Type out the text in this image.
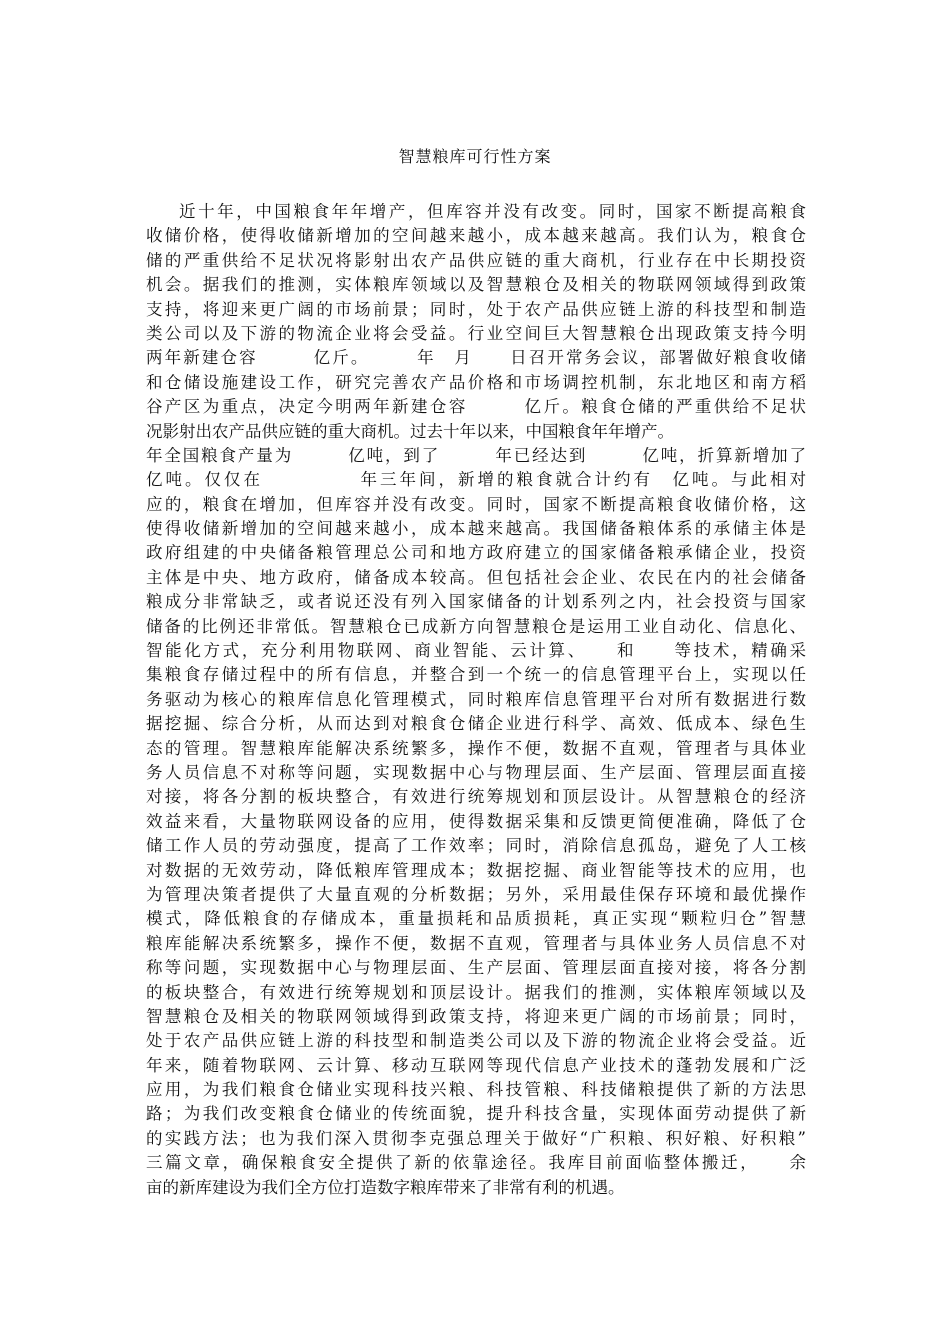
智慧粮库可行性方案
近十年，中国粮食年年增产，但库容并没有改变。同时，国家不断提高粮食
收储价格，使得收储新增加的空间越来越小，成本越来越高。我们认为，粮食仓
储的严重供给不足状况将影射出农产品供应链的重大商机，行业存在中长期投资
机会。据我们的推测，实体粮库领域以及智慧粮仓及相关的物联网领域得到政策
支持，将迎来更广阔的市场前景；同时，处于农产品供应链上游的科技型和制造
类公司以及下游的物流企业将会受益。行业空间巨大智慧粮仓出现政策支持今明
两年新建仓容　　　亿斤。　　　年　月　　日召开常务会议，部署做好粮食收储
和仓储设施建设工作，研究完善农产品价格和市场调控机制，东北地区和南方稻
谷产区为重点，决定今明两年新建仓容　　　亿斤。粮食仓储的严重供给不足状
况影射出农产品供应链的重大商机。过去十年以来，中国粮食年年增产。
年全国粮食产量为　　　亿吨，到了　　　年已经达到　　　亿吨，折算新增加了
亿吨。仅仅在　　　　　年三年间，新增的粮食就合计约有　亿吨。与此相对
应的，粮食在增加，但库容并没有改变。同时，国家不断提高粮食收储价格，这
使得收储新增加的空间越来越小，成本越来越高。我国储备粮体系的承储主体是
政府组建的中央储备粮管理总公司和地方政府建立的国家储备粮承储企业，投资
主体是中央、地方政府，储备成本较高。但包括社会企业、农民在内的社会储备
粮成分非常缺乏，或者说还没有列入国家储备的计划系列之内，社会投资与国家
储备的比例还非常低。智慧粮仓已成新方向智慧粮仓是运用工业自动化、信息化、
智能化方式，充分利用物联网、商业智能、云计算、　　和　　等技术，精确采
集粮食存储过程中的所有信息，并整合到一个统一的信息管理平台上，实现以任
务驱动为核心的粮库信息化管理模式，同时粮库信息管理平台对所有数据进行数
据挖掘、综合分析，从而达到对粮食仓储企业进行科学、高效、低成本、绿色生
态的管理。智慧粮库能解决系统繁多，操作不便，数据不直观，管理者与具体业
务人员信息不对称等问题，实现数据中心与物理层面、生产层面、管理层面直接
对接，将各分割的板块整合，有效进行统筹规划和顶层设计。从智慧粮仓的经济
效益来看，大量物联网设备的应用，使得数据采集和反馈更简便准确，降低了仓
储工作人员的劳动强度，提高了工作效率；同时，消除信息孤岛，避免了人工核
对数据的无效劳动，降低粮库管理成本；数据挖掘、商业智能等技术的应用，也
为管理决策者提供了大量直观的分析数据；另外，采用最佳保存环境和最优操作
模式，降低粮食的存储成本，重量损耗和品质损耗，真正实现“颗粒归仓”智慧
粮库能解决系统繁多，操作不便，数据不直观，管理者与具体业务人员信息不对
称等问题，实现数据中心与物理层面、生产层面、管理层面直接对接，将各分割
的板块整合，有效进行统筹规划和顶层设计。据我们的推测，实体粮库领域以及
智慧粮仓及相关的物联网领域得到政策支持，将迎来更广阔的市场前景；同时，
处于农产品供应链上游的科技型和制造类公司以及下游的物流企业将会受益。近
年来，随着物联网、云计算、移动互联网等现代信息产业技术的蓬勃发展和广泛
应用，为我们粮食仓储业实现科技兴粮、科技管粮、科技储粮提供了新的方法思
路；为我们改变粮食仓储业的传统面貌，提升科技含量，实现体面劳动提供了新
的实践方法；也为我们深入贯彻李克强总理关于做好“广积粮、积好粮、好积粮”
三篇文章，确保粮食安全提供了新的依靠途径。我库目前面临整体搬迁，　　余
亩的新库建设为我们全方位打造数字粮库带来了非常有利的机遇。
